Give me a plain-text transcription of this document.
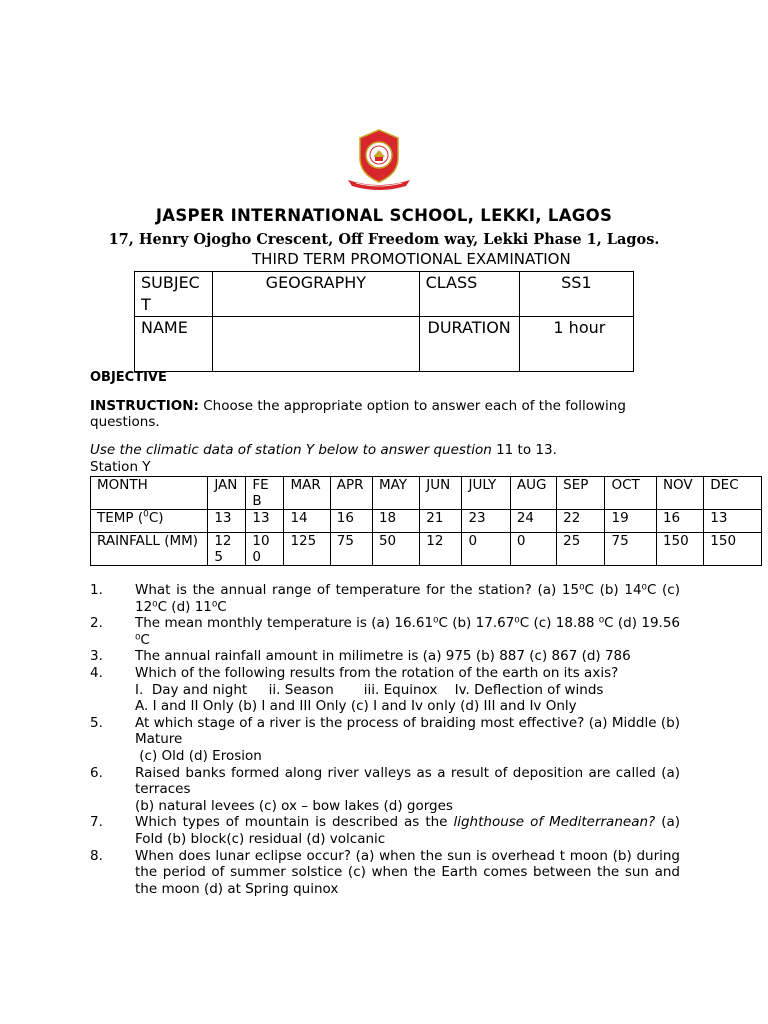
JASPER INTERNATIONAL SCHOOL, LEKKI, LAGOS
17, Henry Ojogho Crescent, Off Freedom way, Lekki Phase 1, Lagos.
THIRD TERM PROMOTIONAL EXAMINATION
SUBJECT	GEOGRAPHY	CLASS	SS1
NAME		DURATION	1 hour
OBJECTIVE
INSTRUCTION: Choose the appropriate option to answer each of the following questions.
Use the climatic data of station Y below to answer question 11 to 13.
Station Y
MONTH	JAN	FEB	MAR	APR	MAY	JUN	JULY	AUG	SEP	OCT	NOV	DEC
TEMP ($^0$C)	13	13	14	16	18	21	23	24	22	19	16	13
RAINFALL (MM)	125	100	125	75	50	12	0	0	25	75	150	150
1.	What is the annual range of temperature for the station? (a) 15⁰C (b) 14⁰C (c) 12⁰C (d) 11⁰C
2.	The mean monthly temperature is (a) 16.61⁰C (b) 17.67⁰C (c) 18.88 ⁰C (d) 19.56 ⁰C
3.	The annual rainfall amount in milimetre is (a) 975 (b) 887 (c) 867 (d) 786
4.	Which of the following results from the rotation of the earth on its axis?
I.  Day and night     ii. Season       iii. Equinox    Iv. Deflection of winds
A. I and II Only (b) I and III Only (c) I and Iv only (d) III and Iv Only
5.	At which stage of a river is the process of braiding most effective? (a) Middle (b) Mature
(c) Old (d) Erosion
6.	Raised banks formed along river valleys as a result of deposition are called (a) terraces
(b) natural levees (c) ox – bow lakes (d) gorges
7.	Which types of mountain is described as the lighthouse of Mediterranean? (a) Fold (b) block(c) residual (d) volcanic
8.	When does lunar eclipse occur? (a) when the sun is overhead t moon (b) during the period of summer solstice (c) when the Earth comes between the sun and the moon (d) at Spring quinox
